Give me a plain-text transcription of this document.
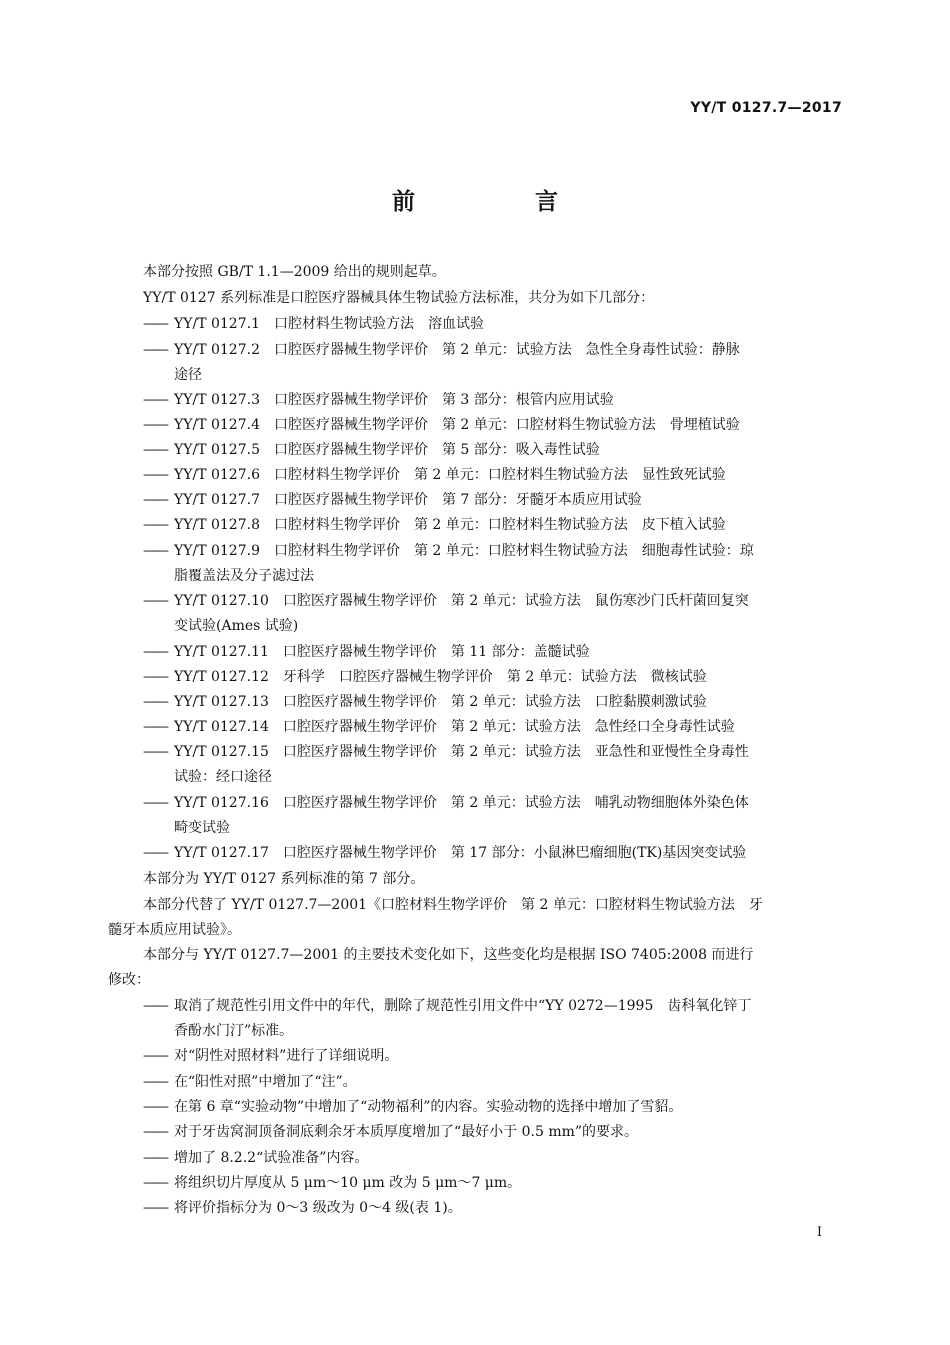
YY/T 0127.7—2017
前 言
本部分按照 GB/T 1.1—2009 给出的规则起草。
YY/T 0127 系列标准是口腔医疗器械具体生物试验方法标准，共分为如下几部分：
—— YY/T 0127.1　 口腔材料生物试验方法　溶血试验
—— YY/T 0127.2　 口腔医疗器械生物学评价　第 2 单元：试验方法　急性全身毒性试验：静脉
途径
—— YY/T 0127.3　 口腔医疗器械生物学评价　第 3 部分：根管内应用试验
—— YY/T 0127.4　 口腔医疗器械生物学评价　第 2 单元：口腔材料生物试验方法　骨埋植试验
—— YY/T 0127.5　 口腔医疗器械生物学评价　第 5 部分：吸入毒性试验
—— YY/T 0127.6　 口腔材料生物学评价　第 2 单元：口腔材料生物试验方法　显性致死试验
—— YY/T 0127.7　 口腔医疗器械生物学评价　第 7 部分：牙髓牙本质应用试验
—— YY/T 0127.8　 口腔材料生物学评价　第 2 单元：口腔材料生物试验方法　皮下植入试验
—— YY/T 0127.9　 口腔材料生物学评价　第 2 单元：口腔材料生物试验方法　细胞毒性试验：琼
脂覆盖法及分子滤过法
—— YY/T 0127.10　 口腔医疗器械生物学评价　第 2 单元：试验方法　鼠伤寒沙门氏杆菌回复突
变试验(Ames 试验)
—— YY/T 0127.11　 口腔医疗器械生物学评价　第 11 部分：盖髓试验
—— YY/T 0127.12　 牙科学　口腔医疗器械生物学评价　第 2 单元：试验方法　微核试验
—— YY/T 0127.13　 口腔医疗器械生物学评价　第 2 单元：试验方法　口腔黏膜刺激试验
—— YY/T 0127.14　 口腔医疗器械生物学评价　第 2 单元：试验方法　急性经口全身毒性试验
—— YY/T 0127.15　 口腔医疗器械生物学评价　第 2 单元：试验方法　亚急性和亚慢性全身毒性
试验：经口途径
—— YY/T 0127.16　 口腔医疗器械生物学评价　第 2 单元：试验方法　哺乳动物细胞体外染色体
畸变试验
—— YY/T 0127.17　 口腔医疗器械生物学评价　第 17 部分：小鼠淋巴瘤细胞(TK)基因突变试验
本部分为 YY/T 0127 系列标准的第 7 部分。
本部分代替了 YY/T 0127.7—2001《口腔材料生物学评价　第 2 单元：口腔材料生物试验方法　牙
髓牙本质应用试验》。
本部分与 YY/T 0127.7—2001 的主要技术变化如下，这些变化均是根据 ISO 7405:2008 而进行
修改：
—— 取消了规范性引用文件中的年代，删除了规范性引用文件中“YY 0272—1995　齿科氧化锌丁
香酚水门汀”标准。
—— 对“阴性对照材料”进行了详细说明。
—— 在“阳性对照”中增加了“注”。
—— 在第 6 章“实验动物”中增加了“动物福利”的内容。实验动物的选择中增加了雪貂。
—— 对于牙齿窝洞顶备洞底剩余牙本质厚度增加了“最好小于 0.5 mm”的要求。
—— 增加了 8.2.2“试验准备”内容。
—— 将组织切片厚度从 5 μm～10 μm 改为 5 μm～7 μm。
—— 将评价指标分为 0～3 级改为 0～4 级(表 1)。
I
